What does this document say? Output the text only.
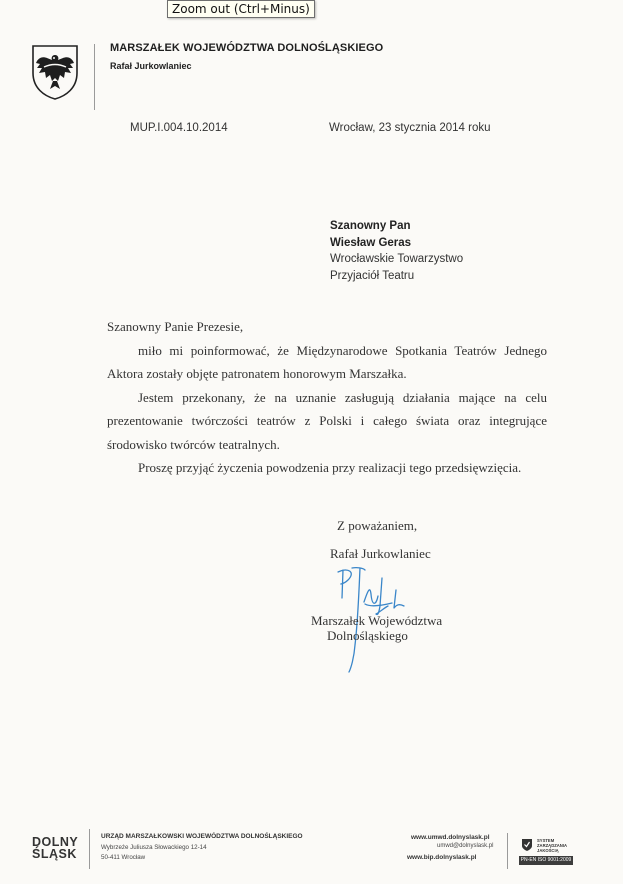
Zoom out (Ctrl+Minus)
MARSZAŁEK WOJEWÓDZTWA DOLNOŚLĄSKIEGO
Rafał Jurkowlaniec
MUP.I.004.10.2014	Wrocław, 23 stycznia 2014 roku
Szanowny Pan
Wiesław Geras
Wrocławskie Towarzystwo
Przyjaciół Teatru

Szanowny Panie Prezesie,

miło mi poinformować, że Międzynarodowe Spotkania Teatrów Jednego Aktora zostały objęte patronatem honorowym Marszałka.

Jestem przekonany, że na uznanie zasługują działania mające na celu prezentowanie twórczości teatrów z Polski i całego świata oraz integrujące środowisko twórców teatralnych.

Proszę przyjąć życzenia powodzenia przy realizacji tego przedsięwzięcia.

Z poważaniem,
Rafał Jurkowlaniec
Marszałek Województwa
Dolnośląskiego
DOLNY
ŚLĄSK
URZĄD MARSZAŁKOWSKI WOJEWÓDZTWA DOLNOŚLĄSKIEGO
Wybrzeże Juliusza Słowackiego 12-14
50-411 Wrocław
www.umwd.dolnyslask.pl
umwd@dolnyslask.pl
www.bip.dolnyslask.pl
SYSTEM ZARZĄDZANIA JAKOŚCIĄ
PN-EN ISO 9001:2009
